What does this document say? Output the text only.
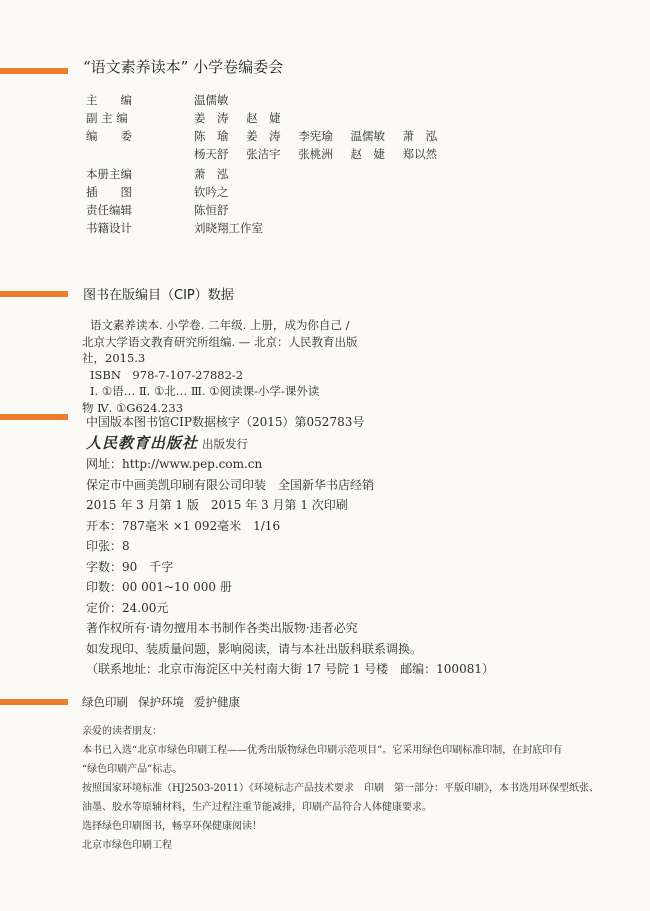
“语文素养读本” 小学卷编委会
主　　编	温儒敏
副 主 编	姜　涛 赵　婕
编　　委	陈　瑜 姜　涛 李宪瑜 温儒敏 萧　泓
杨天舒 张洁宇 张桃洲 赵　婕 郑以然
本册主编	萧　泓
插　　图	钦吟之
责任编辑	陈恒舒
书籍设计	刘晓翔工作室
图书在版编目（CIP）数据
语文素养读本. 小学卷. 二年级. 上册，成为你自己 /
北京大学语文教育研究所组编. — 北京：人民教育出版
社，2015.3
ISBN　978-7-107-27882-2
Ⅰ. ①语… Ⅱ. ①北… Ⅲ. ①阅读课-小学-课外读
物 Ⅳ. ①G624.233
中国版本图书馆CIP数据核字（2015）第052783号
人民教育出版社 出版发行
网址：http://www.pep.com.cn
保定市中画美凯印刷有限公司印装　全国新华书店经销
2015 年 3 月第 1 版　2015 年 3 月第 1 次印刷
开本：787毫米 ×1 092毫米　1/16
印张：8
字数：90　千字
印数：00 001~10 000 册
定价：24.00元
著作权所有·请勿擅用本书制作各类出版物·违者必究
如发现印、装质量问题，影响阅读，请与本社出版科联系调换。
（联系地址：北京市海淀区中关村南大街 17 号院 1 号楼　邮编：100081）
绿色印刷 保护环境 爱护健康
亲爱的读者朋友：
本书已入选“北京市绿色印刷工程——优秀出版物绿色印刷示范项目”。它采用绿色印刷标准印制，在封底印有
“绿色印刷产品”标志。
按照国家环境标准（HJ2503-2011）《环境标志产品技术要求　印刷　第一部分：平版印刷》，本书选用环保型纸张、
油墨、胶水等原辅材料，生产过程注重节能减排，印刷产品符合人体健康要求。
选择绿色印刷图书，畅享环保健康阅读！
北京市绿色印刷工程
